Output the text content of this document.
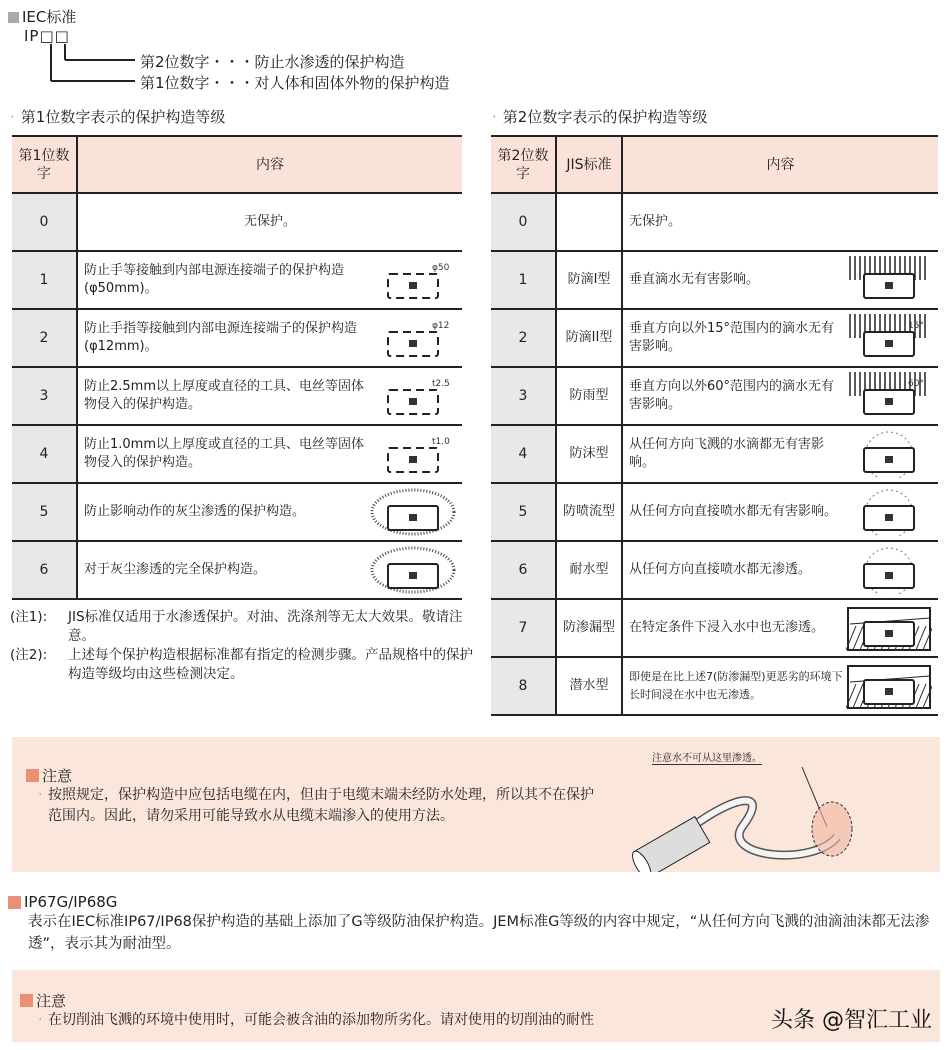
IEC标准
IP□□
第2位数字・・・防止水渗透的保护构造
第1位数字・・・对人体和固体外物的保护构造
· 第1位数字表示的保护构造等级	· 第2位数字表示的保护构造等级
第1位数字	内容
0	无保护。

1	防止手等接触到内部电源连接端子的保护构造(φ50mm)。
φ50

2	防止手指等接触到内部电源连接端子的保护构造(φ12mm)。
φ12

3	防止2.5mm以上厚度或直径的工具、电丝等固体物侵入的保护构造。
t2.5

4	防止1.0mm以上厚度或直径的工具、电丝等固体物侵入的保护构造。
t1.0

5	防止影响动作的灰尘渗透的保护构造。

6	对于灰尘渗透的完全保护构造。
第2位数字	JIS标准	内容
0		无保护。

1	防滴I型	垂直滴水无有害影响。

2	防滴II型	垂直方向以外15°范围内的滴水无有害影响。
15°

3	防雨型	垂直方向以外60°范围内的滴水无有害影响。
60°

4	防沫型	从任何方向飞溅的水滴都无有害影响。

5	防喷流型	从任何方向直接喷水都无有害影响。

6	耐水型	从任何方向直接喷水都无渗透。

7	防渗漏型	在特定条件下浸入水中也无渗透。

8	潜水型	即使是在比上述7(防渗漏型)更恶劣的环境下长时间浸在水中也无渗透。
(注1):	JIS标准仅适用于水渗透保护。对油、洗涤剂等无太大效果。敬请注意。
(注2):	上述每个保护构造根据标准都有指定的检测步骤。产品规格中的保护构造等级均由这些检测决定。
注意
· 按照规定，保护构造中应包括电缆在内，但由于电缆末端未经防水处理，所以其不在保护范围内。因此，请勿采用可能导致水从电缆末端渗入的使用方法。
注意水不可从这里渗透。
IP67G/IP68G
表示在IEC标准IP67/IP68保护构造的基础上添加了G等级防油保护构造。JEM标准G等级的内容中规定，“从任何方向飞溅的油滴油沫都无法渗透”，表示其为耐油型。
注意
· 在切削油飞溅的环境中使用时，可能会被含油的添加物所劣化。请对使用的切削油的耐性	头条 @智汇工业
